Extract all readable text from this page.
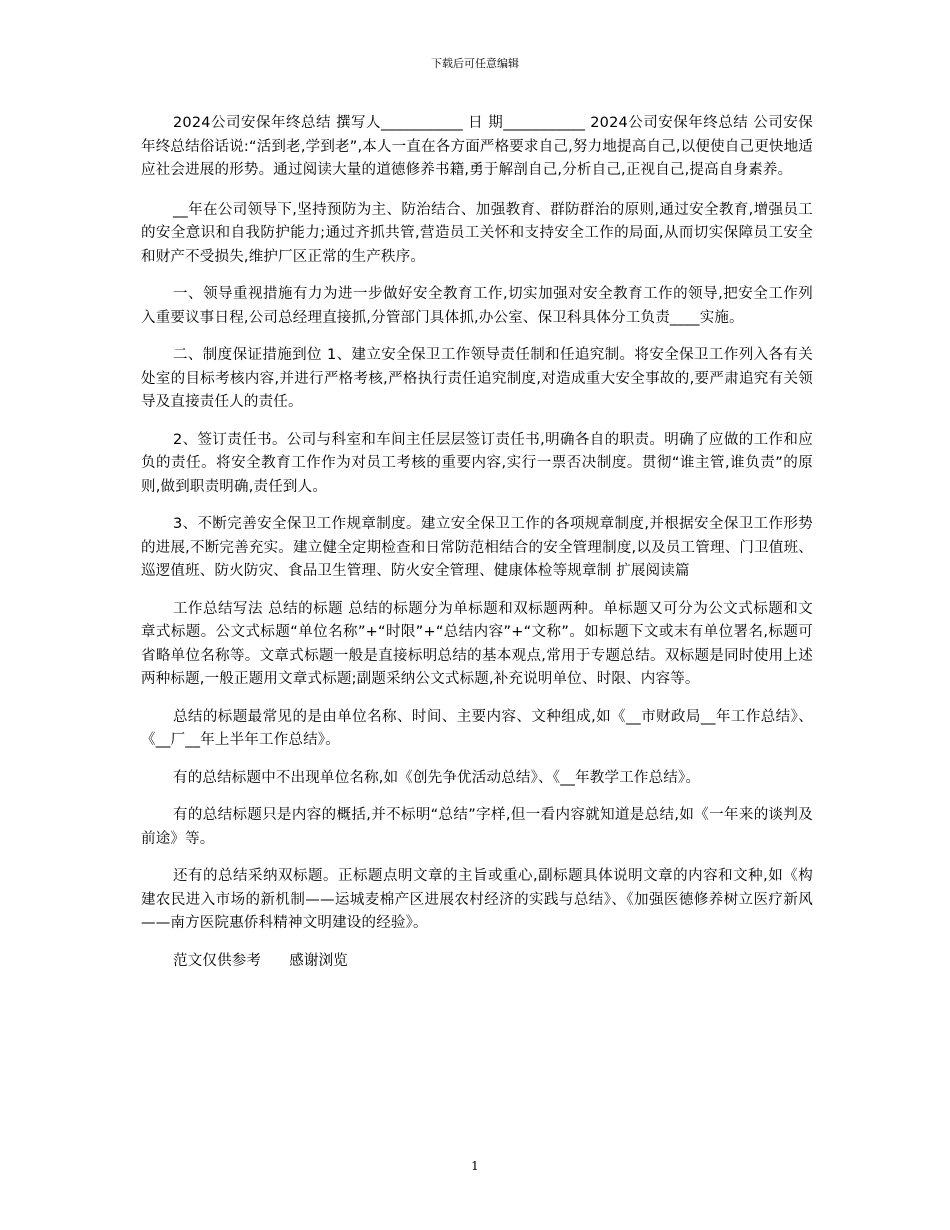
下载后可任意编辑

2024公司安保年终总结 撰写人___________ 日 期___________ 2024公司安保年终总结 公司安保年终总结俗话说:“活到老,学到老”,本人一直在各方面严格要求自己,努力地提高自己,以便使自己更快地适应社会进展的形势。通过阅读大量的道德修养书籍,勇于解剖自己,分析自己,正视自己,提高自身素养。

__年在公司领导下,坚持预防为主、防治结合、加强教育、群防群治的原则,通过安全教育,增强员工的安全意识和自我防护能力;通过齐抓共管,营造员工关怀和支持安全工作的局面,从而切实保障员工安全和财产不受损失,维护厂区正常的生产秩序。

一、领导重视措施有力为进一步做好安全教育工作,切实加强对安全教育工作的领导,把安全工作列入重要议事日程,公司总经理直接抓,分管部门具体抓,办公室、保卫科具体分工负责____实施。

二、制度保证措施到位 1、建立安全保卫工作领导责任制和任追究制。将安全保卫工作列入各有关处室的目标考核内容,并进行严格考核,严格执行责任追究制度,对造成重大安全事故的,要严肃追究有关领导及直接责任人的责任。

2、签订责任书。公司与科室和车间主任层层签订责任书,明确各自的职责。明确了应做的工作和应负的责任。将安全教育工作作为对员工考核的重要内容,实行一票否决制度。贯彻“谁主管,谁负责”的原则,做到职责明确,责任到人。

3、不断完善安全保卫工作规章制度。建立安全保卫工作的各项规章制度,并根据安全保卫工作形势的进展,不断完善充实。建立健全定期检查和日常防范相结合的安全管理制度,以及员工管理、门卫值班、巡逻值班、防火防灾、食品卫生管理、防火安全管理、健康体检等规章制 扩展阅读篇

工作总结写法 总结的标题 总结的标题分为单标题和双标题两种。单标题又可分为公文式标题和文章式标题。公文式标题“单位名称”+“时限”+“总结内容”+“文称”。如标题下文或末有单位署名,标题可省略单位名称等。文章式标题一般是直接标明总结的基本观点,常用于专题总结。双标题是同时使用上述两种标题,一般正题用文章式标题;副题采纳公文式标题,补充说明单位、时限、内容等。

总结的标题最常见的是由单位名称、时间、主要内容、文种组成,如《__市财政局__年工作总结》、《__厂__年上半年工作总结》。

有的总结标题中不出现单位名称,如《创先争优活动总结》、《__年教学工作总结》。

有的总结标题只是内容的概括,并不标明“总结”字样,但一看内容就知道是总结,如《一年来的谈判及前途》等。

还有的总结采纳双标题。正标题点明文章的主旨或重心,副标题具体说明文章的内容和文种,如《构建农民进入市场的新机制——运城麦棉产区进展农村经济的实践与总结》、《加强医德修养树立医疗新风——南方医院惠侨科精神文明建设的经验》。

范文仅供参考 感谢浏览

1
